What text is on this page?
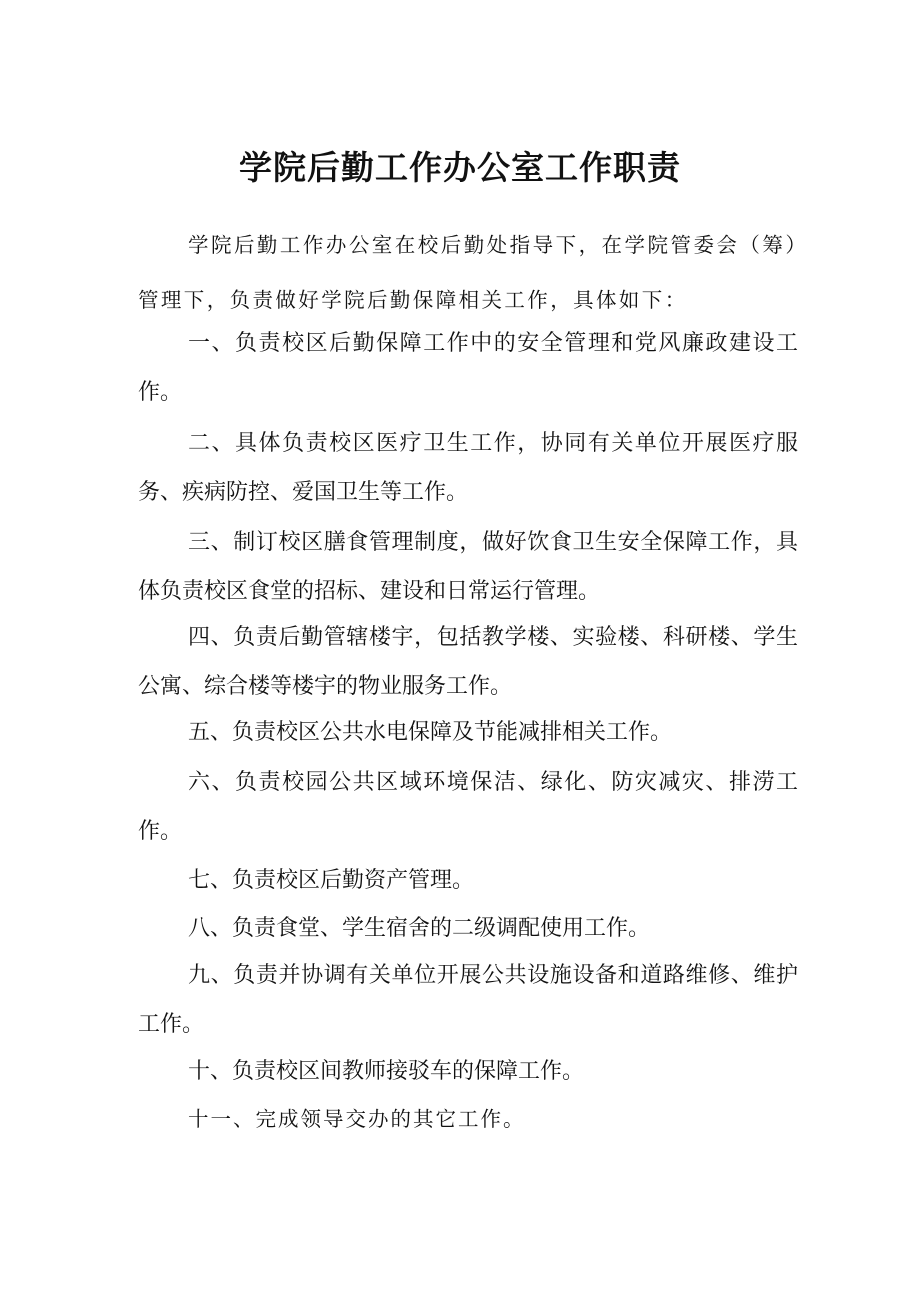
学院后勤工作办公室工作职责

学院后勤工作办公室在校后勤处指导下，在学院管委会（筹）管理下，负责做好学院后勤保障相关工作，具体如下：

一、负责校区后勤保障工作中的安全管理和党风廉政建设工作。

二、具体负责校区医疗卫生工作，协同有关单位开展医疗服务、疾病防控、爱国卫生等工作。

三、制订校区膳食管理制度，做好饮食卫生安全保障工作，具体负责校区食堂的招标、建设和日常运行管理。

四、负责后勤管辖楼宇，包括教学楼、实验楼、科研楼、学生公寓、综合楼等楼宇的物业服务工作。

五、负责校区公共水电保障及节能减排相关工作。

六、负责校园公共区域环境保洁、绿化、防灾减灾、排涝工作。

七、负责校区后勤资产管理。

八、负责食堂、学生宿舍的二级调配使用工作。

九、负责并协调有关单位开展公共设施设备和道路维修、维护工作。

十、负责校区间教师接驳车的保障工作。

十一、完成领导交办的其它工作。
